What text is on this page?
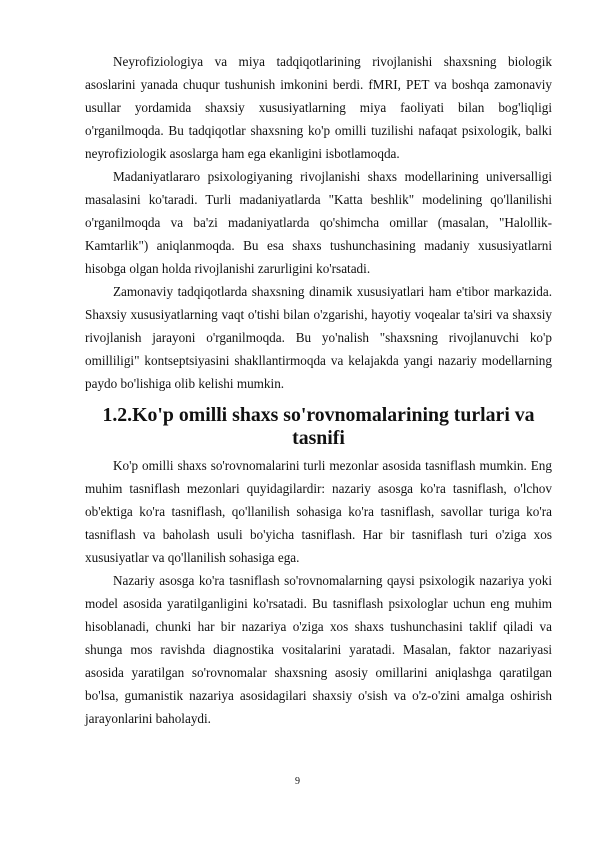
Neyrofiziologiya va miya tadqiqotlarining rivojlanishi shaxsning biologik asoslarini yanada chuqur tushunish imkonini berdi. fMRI, PET va boshqa zamonaviy usullar yordamida shaxsiy xususiyatlarning miya faoliyati bilan bog'liqligi o'rganilmoqda. Bu tadqiqotlar shaxsning ko'p omilli tuzilishi nafaqat psixologik, balki neyrofiziologik asoslarga ham ega ekanligini isbotlamoqda.

Madaniyatlararo psixologiyaning rivojlanishi shaxs modellarining universalligi masalasini ko'taradi. Turli madaniyatlarda "Katta beshlik" modelining qo'llanilishi o'rganilmoqda va ba'zi madaniyatlarda qo'shimcha omillar (masalan, "Halollik-Kamtarlik") aniqlanmoqda. Bu esa shaxs tushunchasining madaniy xususiyatlarni hisobga olgan holda rivojlanishi zarurligini ko'rsatadi.

Zamonaviy tadqiqotlarda shaxsning dinamik xususiyatlari ham e'tibor markazida. Shaxsiy xususiyatlarning vaqt o'tishi bilan o'zgarishi, hayotiy voqealar ta'siri va shaxsiy rivojlanish jarayoni o'rganilmoqda. Bu yo'nalish "shaxsning rivojlanuvchi ko'p omilliligi" kontseptsiyasini shakllantirmoqda va kelajakda yangi nazariy modellarning paydo bo'lishiga olib kelishi mumkin.

1.2.Ko'p omilli shaxs so'rovnomalarining turlari va tasnifi

Ko'p omilli shaxs so'rovnomalarini turli mezonlar asosida tasniflash mumkin. Eng muhim tasniflash mezonlari quyidagilardir: nazariy asosga ko'ra tasniflash, o'lchov ob'ektiga ko'ra tasniflash, qo'llanilish sohasiga ko'ra tasniflash, savollar turiga ko'ra tasniflash va baholash usuli bo'yicha tasniflash. Har bir tasniflash turi o'ziga xos xususiyatlar va qo'llanilish sohasiga ega.

Nazariy asosga ko'ra tasniflash so'rovnomalarning qaysi psixologik nazariya yoki model asosida yaratilganligini ko'rsatadi. Bu tasniflash psixologlar uchun eng muhim hisoblanadi, chunki har bir nazariya o'ziga xos shaxs tushunchasini taklif qiladi va shunga mos ravishda diagnostika vositalarini yaratadi. Masalan, faktor nazariyasi asosida yaratilgan so'rovnomalar shaxsning asosiy omillarini aniqlashga qaratilgan bo'lsa, gumanistik nazariya asosidagilari shaxsiy o'sish va o'z-o'zini amalga oshirish jarayonlarini baholaydi.

9
